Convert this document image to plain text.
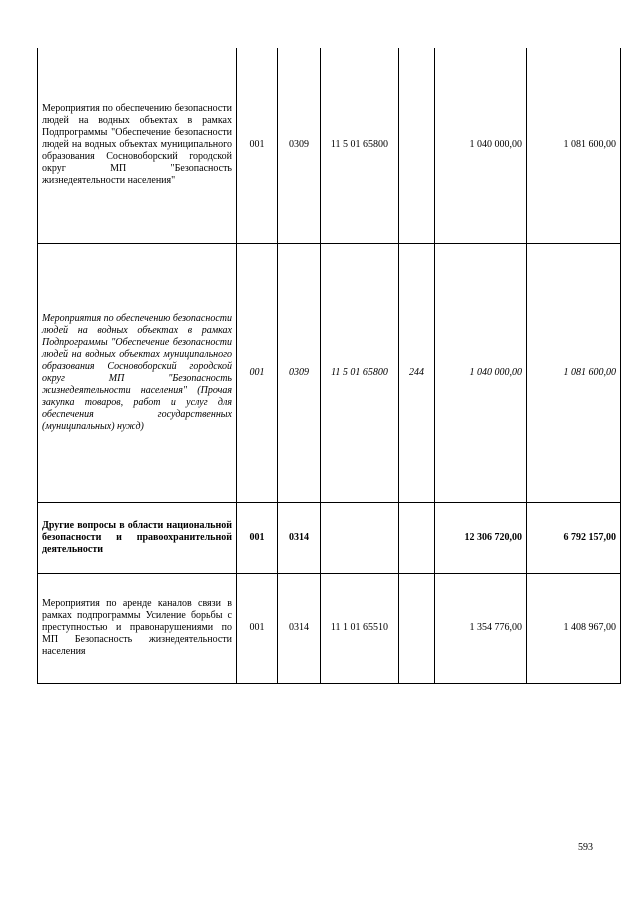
Мероприятия по обеспечению безопасности людей на водных объектах в рамках Подпрограммы "Обеспечение безопасности людей на водных объектах муниципального образования Сосновоборский городской округ МП "Безопасность жизнедеятельности населения"	001	0309	11 5 01 65800		1 040 000,00	1 081 600,00
Мероприятия по обеспечению безопасности людей на водных объектах в рамках Подпрограммы "Обеспечение безопасности людей на водных объектах муниципального образования Сосновоборский городской округ МП "Безопасность жизнедеятельности населения" (Прочая закупка товаров, работ и услуг для обеспечения государственных (муниципальных) нужд)	001	0309	11 5 01 65800	244	1 040 000,00	1 081 600,00
Другие вопросы в области национальной безопасности и правоохранительной деятельности	001	0314			12 306 720,00	6 792 157,00
Мероприятия по аренде каналов связи в рамках подпрограммы Усиление борьбы с преступностью и правонарушениями по МП Безопасность жизнедеятельности населения	001	0314	11 1 01 65510		1 354 776,00	1 408 967,00
593
